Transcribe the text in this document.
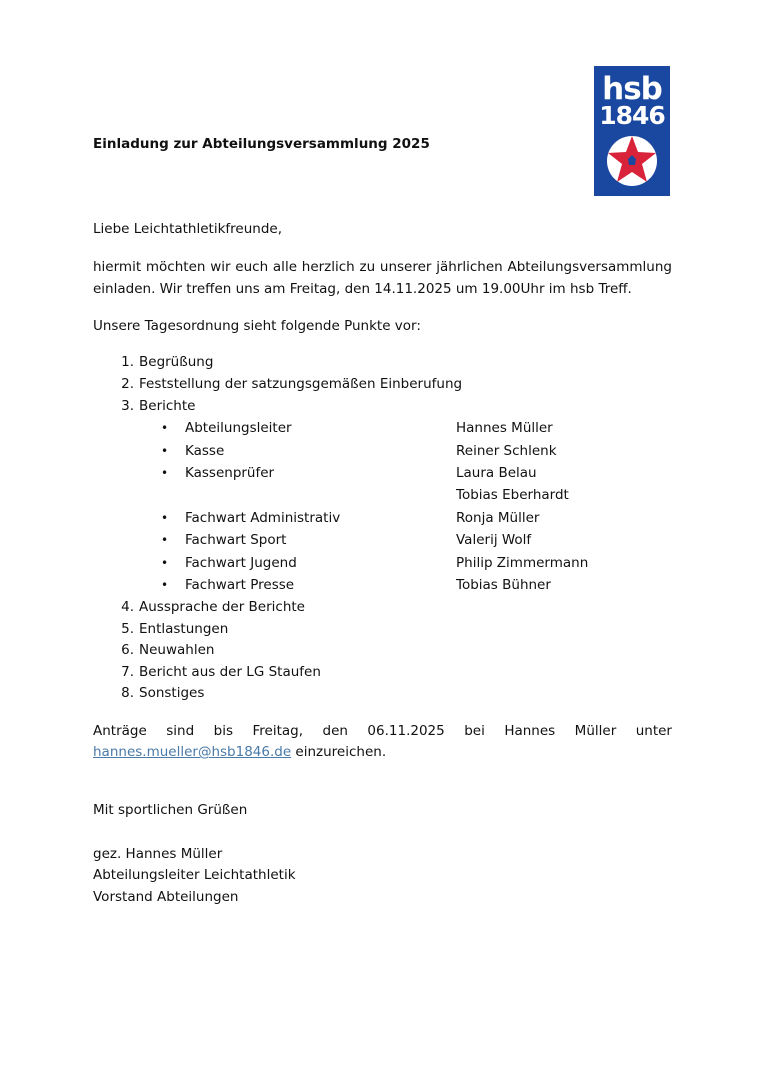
hsb
1846
Einladung zur Abteilungsversammlung 2025
Liebe Leichtathletikfreunde,
hiermit möchten wir euch alle herzlich zu unserer jährlichen Abteilungsversammlung
einladen. Wir treffen uns am Freitag, den 14.11.2025 um 19.00Uhr im hsb Treff.
Unsere Tagesordnung sieht folgende Punkte vor:
1. Begrüßung
2. Feststellung der satzungsgemäßen Einberufung
3. Berichte
• Abteilungsleiter	Hannes Müller
• Kasse	Reiner Schlenk
• Kassenprüfer	Laura Belau
Tobias Eberhardt
• Fachwart Administrativ	Ronja Müller
• Fachwart Sport	Valerij Wolf
• Fachwart Jugend	Philip Zimmermann
• Fachwart Presse	Tobias Bühner
4. Aussprache der Berichte
5. Entlastungen
6. Neuwahlen
7. Bericht aus der LG Staufen
8. Sonstiges
Anträge sind bis Freitag, den 06.11.2025 bei Hannes Müller unter
hannes.mueller@hsb1846.de einzureichen.
Mit sportlichen Grüßen
gez. Hannes Müller
Abteilungsleiter Leichtathletik
Vorstand Abteilungen
